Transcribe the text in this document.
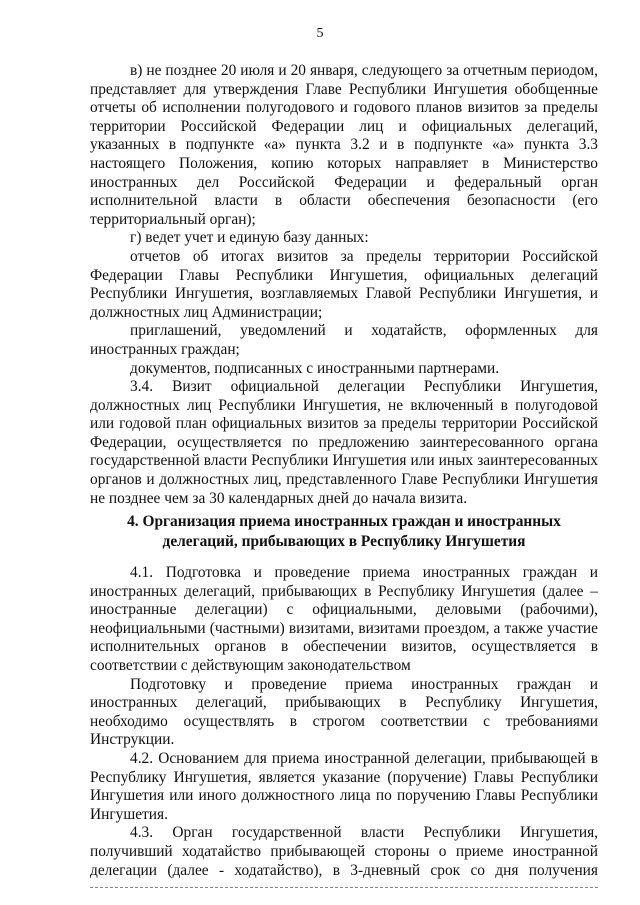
5

в) не позднее 20 июля и 20 января, следующего за отчетным периодом, представляет для утверждения Главе Республики Ингушетия обобщенные отчеты об исполнении полугодового и годового планов визитов за пределы территории Российской Федерации лиц и официальных делегаций, указанных в подпункте «а» пункта 3.2 и в подпункте «а» пункта 3.3 настоящего Положения, копию которых направляет в Министерство иностранных дел Российской Федерации и федеральный орган исполнительной власти в области обеспечения безопасности (его территориальный орган);

г) ведет учет и единую базу данных:

отчетов об итогах визитов за пределы территории Российской Федерации Главы Республики Ингушетия, официальных делегаций Республики Ингушетия, возглавляемых Главой Республики Ингушетия, и должностных лиц Администрации;

приглашений, уведомлений и ходатайств, оформленных для иностранных граждан;

документов, подписанных с иностранными партнерами.

3.4. Визит официальной делегации Республики Ингушетия, должностных лиц Республики Ингушетия, не включенный в полугодовой или годовой план официальных визитов за пределы территории Российской Федерации, осуществляется по предложению заинтересованного органа государственной власти Республики Ингушетия или иных заинтересованных органов и должностных лиц, представленного Главе Республики Ингушетия не позднее чем за 30 календарных дней до начала визита.

4. Организация приема иностранных граждан и иностранных делегаций, прибывающих в Республику Ингушетия

4.1. Подготовка и проведение приема иностранных граждан и иностранных делегаций, прибывающих в Республику Ингушетия (далее – иностранные делегации) с официальными, деловыми (рабочими), неофициальными (частными) визитами, визитами проездом, а также участие исполнительных органов в обеспечении визитов, осуществляется в соответствии с действующим законодательством

Подготовку и проведение приема иностранных граждан и иностранных делегаций, прибывающих в Республику Ингушетия, необходимо осуществлять в строгом соответствии с требованиями Инструкции.

4.2. Основанием для приема иностранной делегации, прибывающей в Республику Ингушетия, является указание (поручение) Главы Республики Ингушетия или иного должностного лица по поручению Главы Республики Ингушетия.

4.3. Орган государственной власти Республики Ингушетия, получивший ходатайство прибывающей стороны о приеме иностранной делегации (далее - ходатайство), в 3-дневный срок со дня получения
